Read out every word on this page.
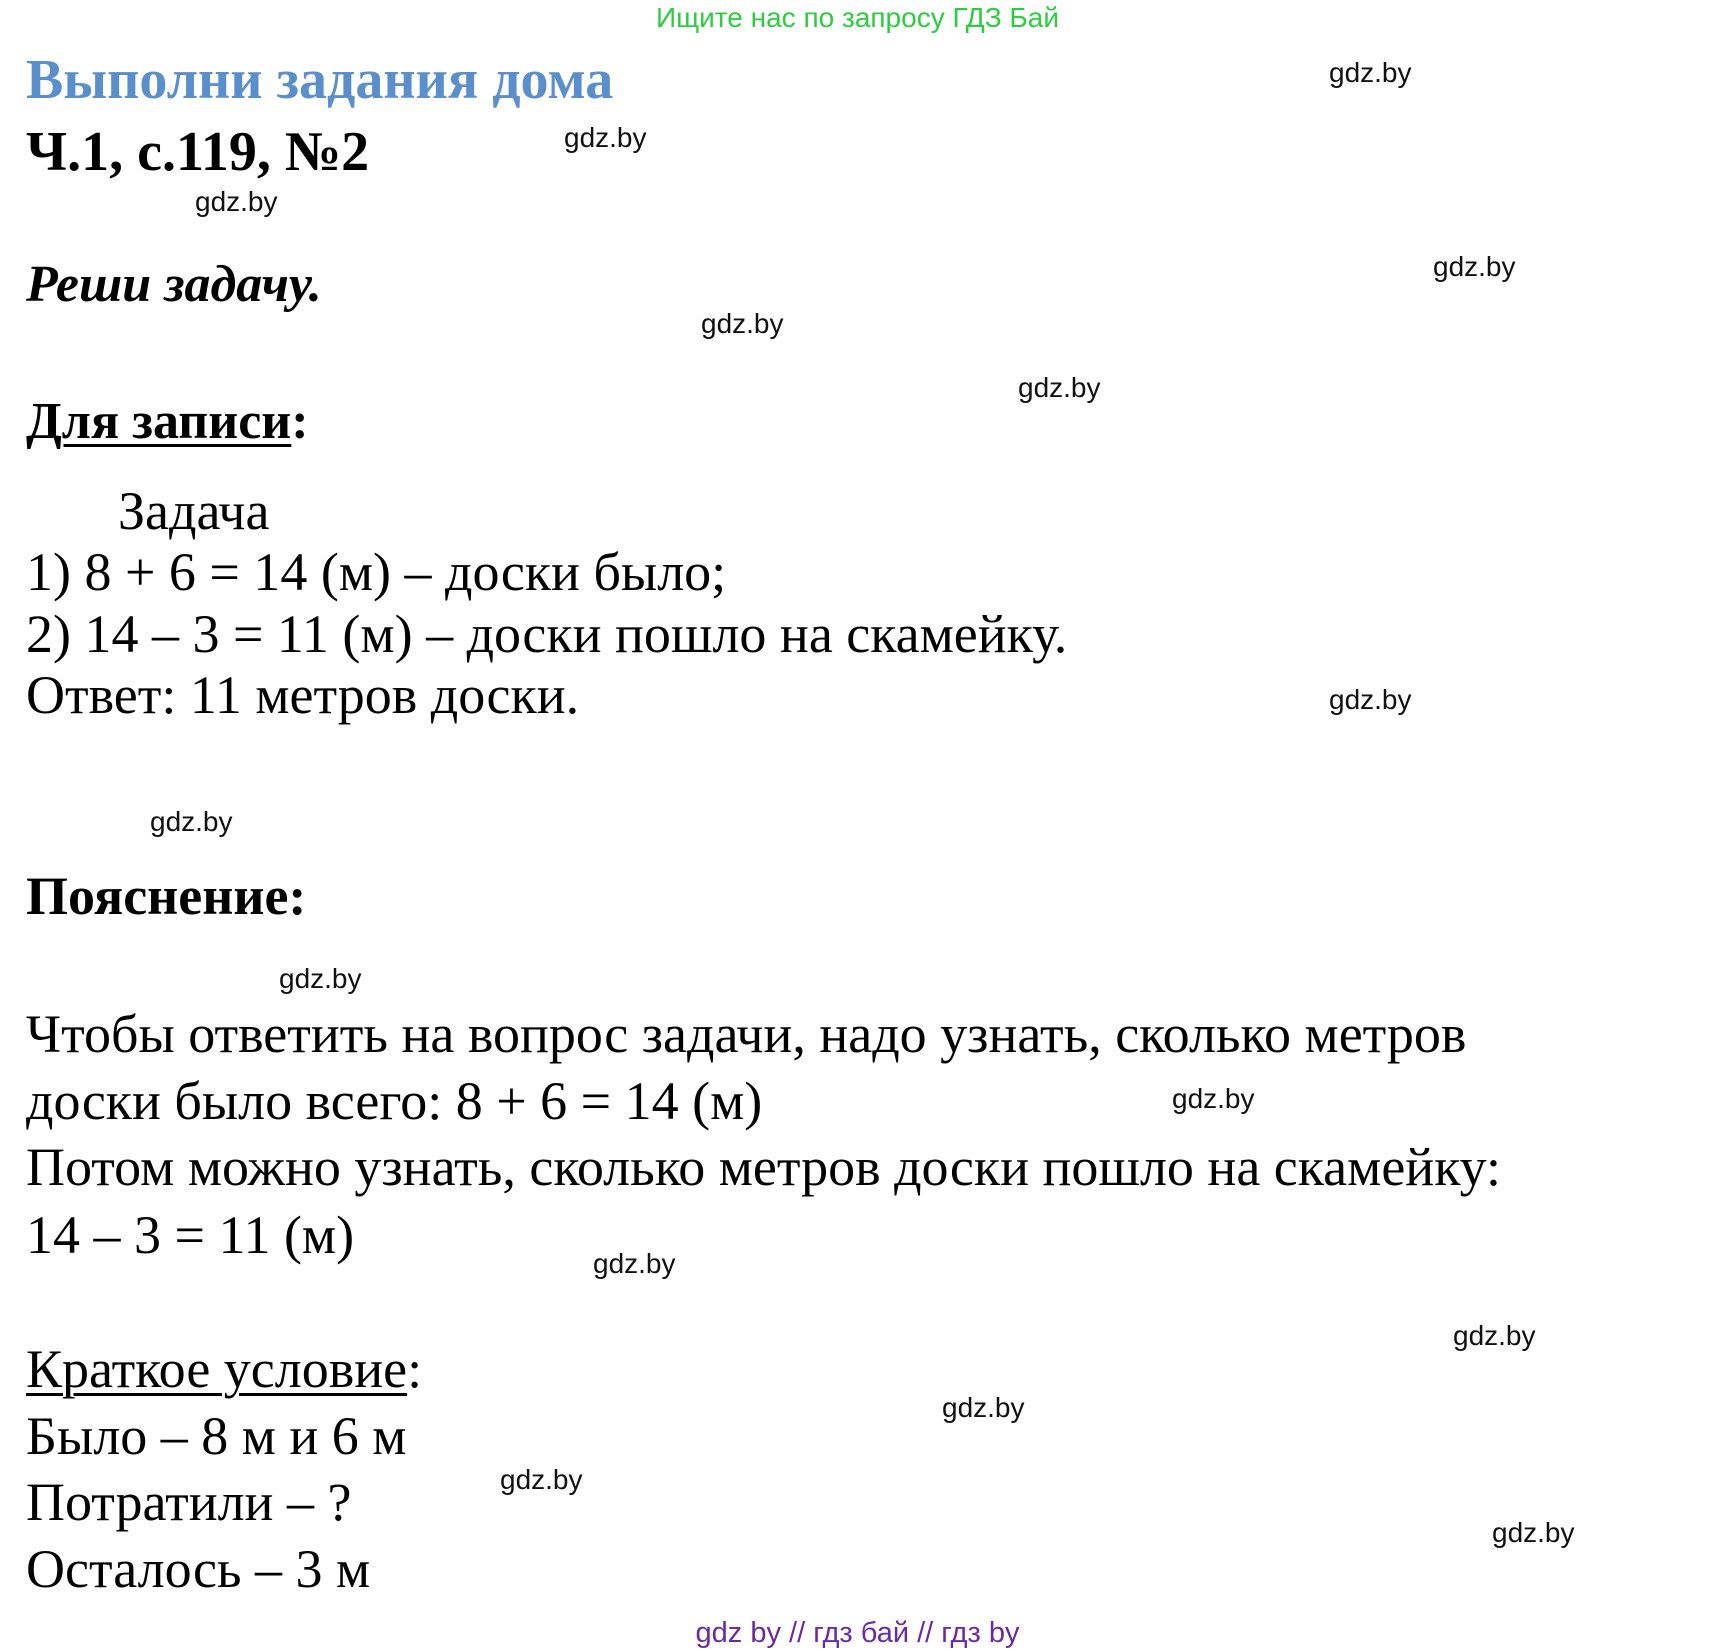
Ищите нас по запросу ГДЗ Бай
Выполни задания дома
Ч.1, с.119, №2
Реши задачу.
Для записи:
Задача
1) 8 + 6 = 14 (м) – доски было;
2) 14 – 3 = 11 (м) – доски пошло на скамейку.
Ответ: 11 метров доски.
Пояснение:
Чтобы ответить на вопрос задачи, надо узнать, сколько метров
доски было всего: 8 + 6 = 14 (м)
Потом можно узнать, сколько метров доски пошло на скамейку:
14 – 3 = 11 (м)
Краткое условие:
Было – 8 м и 6 м
Потратили – ?
Осталось – 3 м
gdz.by
gdz.by
gdz.by
gdz.by
gdz.by
gdz.by
gdz.by
gdz.by
gdz.by
gdz.by
gdz.by
gdz.by
gdz.by
gdz.by
gdz.by
gdz by // гдз бай // гдз by
